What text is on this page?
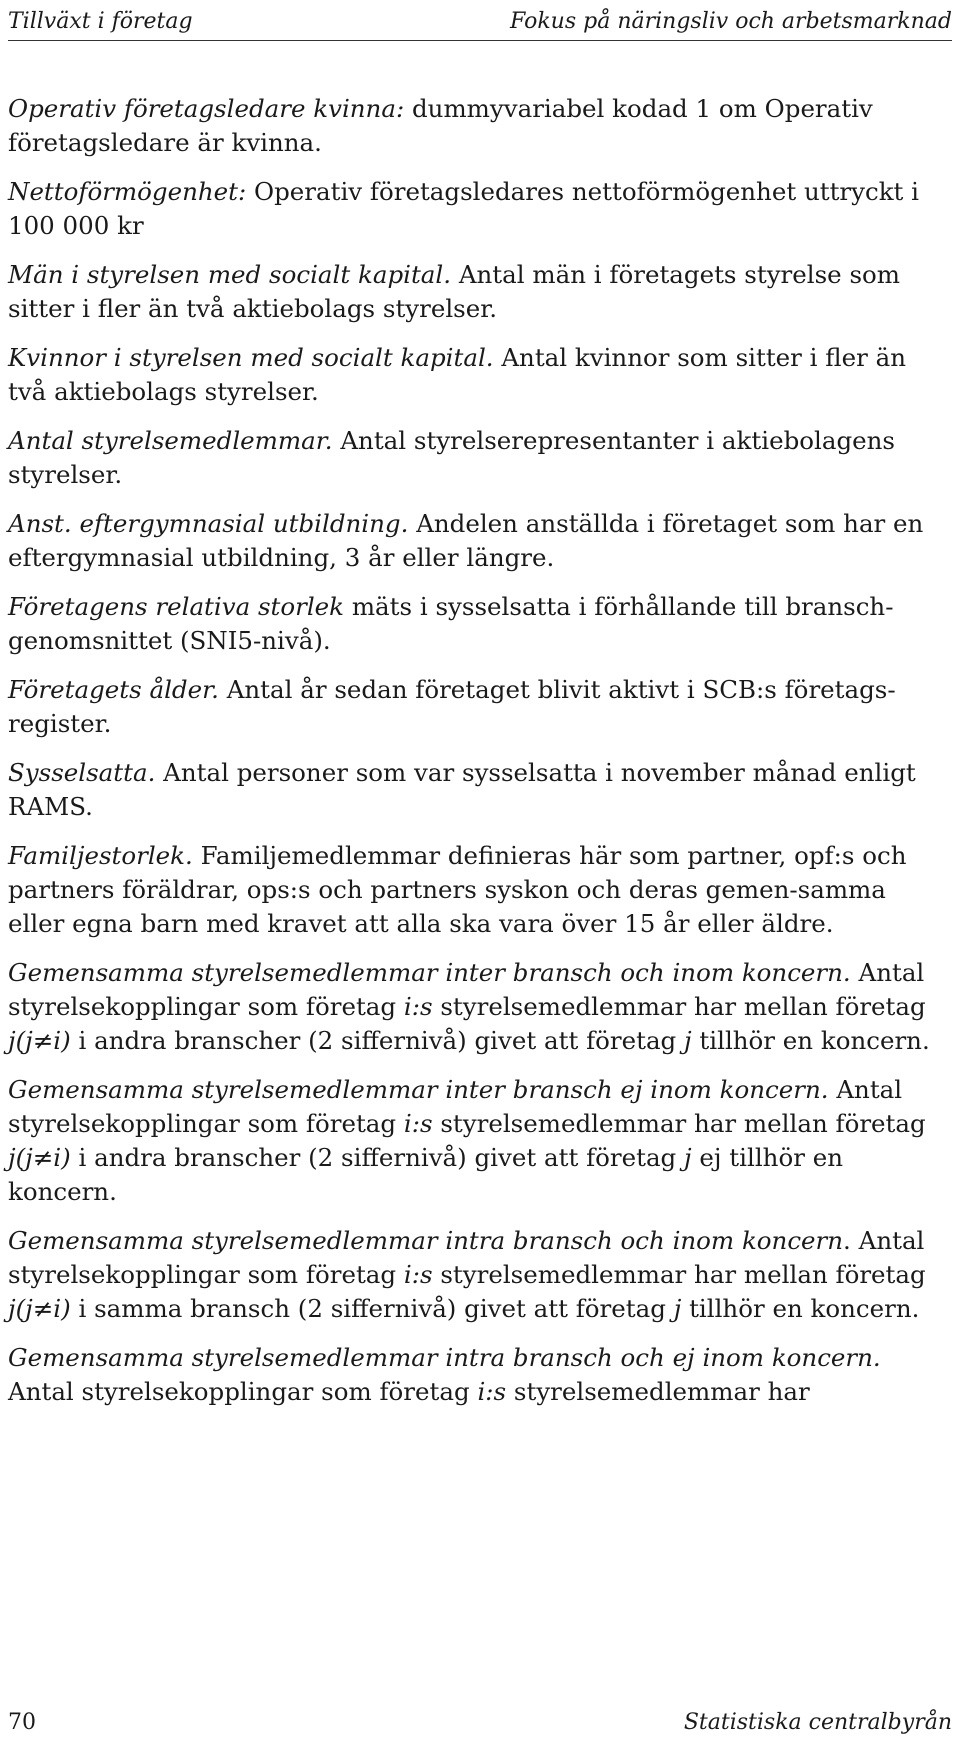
Tillväxt i företag	Fokus på näringsliv och arbetsmarknad

Operativ företagsledare kvinna: dummyvariabel kodad 1 om Operativ företagsledare är kvinna.

Nettoförmögenhet: Operativ företagsledares nettoförmögenhet uttryckt i 100 000 kr

Män i styrelsen med socialt kapital. Antal män i företagets styrelse som sitter i fler än två aktiebolags styrelser.

Kvinnor i styrelsen med socialt kapital. Antal kvinnor som sitter i fler än två aktiebolags styrelser.

Antal styrelsemedlemmar. Antal styrelserepresentanter i aktiebolagens styrelser.

Anst. eftergymnasial utbildning. Andelen anställda i företaget som har en eftergymnasial utbildning, 3 år eller längre.

Företagens relativa storlek mäts i sysselsatta i förhållande till bransch-genomsnittet (SNI5-nivå).

Företagets ålder. Antal år sedan företaget blivit aktivt i SCB:s företags-register.

Sysselsatta. Antal personer som var sysselsatta i november månad enligt RAMS.

Familjestorlek. Familjemedlemmar definieras här som partner, opf:s och partners föräldrar, ops:s och partners syskon och deras gemen-samma eller egna barn med kravet att alla ska vara över 15 år eller äldre.

Gemensamma styrelsemedlemmar inter bransch och inom koncern. Antal styrelsekopplingar som företag i:s styrelsemedlemmar har mellan företag j(j≠i) i andra branscher (2 siffernivå) givet att företag j tillhör en koncern.

Gemensamma styrelsemedlemmar inter bransch ej inom koncern. Antal styrelsekopplingar som företag i:s styrelsemedlemmar har mellan företag j(j≠i) i andra branscher (2 siffernivå) givet att företag j ej tillhör en koncern.

Gemensamma styrelsemedlemmar intra bransch och inom koncern. Antal styrelsekopplingar som företag i:s styrelsemedlemmar har mellan företag j(j≠i) i samma bransch (2 siffernivå) givet att företag j tillhör en koncern.

Gemensamma styrelsemedlemmar intra bransch och ej inom koncern. Antal styrelsekopplingar som företag i:s styrelsemedlemmar har

70	Statistiska centralbyrån
